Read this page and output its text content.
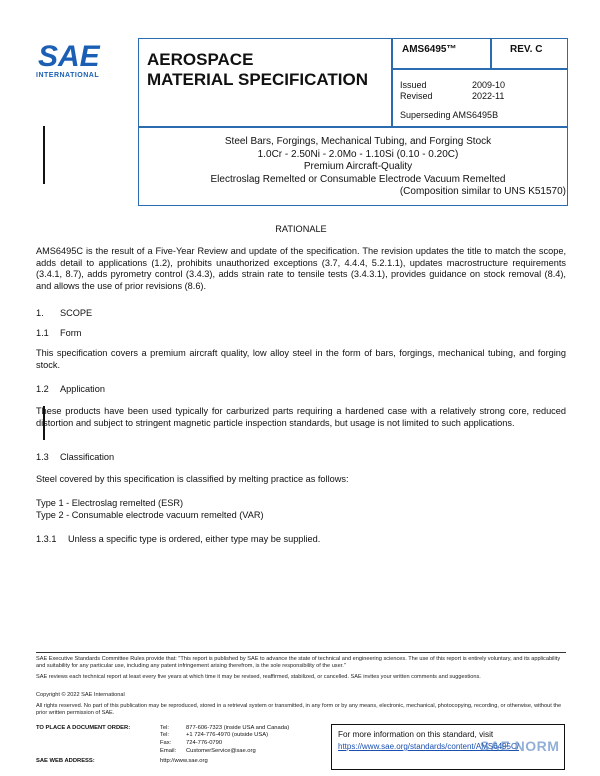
SAE
INTERNATIONAL
AEROSPACE
MATERIAL SPECIFICATION
AMS6495™	REV. C
Issued	2009-10
Revised	2022-11
Superseding AMS6495B
Steel Bars, Forgings, Mechanical Tubing, and Forging Stock
1.0Cr - 2.50Ni - 2.0Mo - 1.10Si (0.10 - 0.20C)
Premium Aircraft-Quality
Electroslag Remelted or Consumable Electrode Vacuum Remelted
(Composition similar to UNS K51570)
RATIONALE
AMS6495C is the result of a Five-Year Review and update of the specification. The revision updates the title to match the scope, adds detail to applications (1.2), prohibits unauthorized exceptions (3.7, 4.4.4, 5.2.1.1), updates macrostructure requirements (3.4.1, 8.7), adds pyrometry control (3.4.3), adds strain rate to tensile tests (3.4.3.1), provides guidance on stock removal (8.4), and allows the use of prior revisions (8.6).
1. SCOPE
1.1 Form
This specification covers a premium aircraft quality, low alloy steel in the form of bars, forgings, mechanical tubing, and forging stock.
1.2 Application
These products have been used typically for carburized parts requiring a hardened case with a relatively strong core, reduced distortion and subject to stringent magnetic particle inspection standards, but usage is not limited to such applications.
1.3 Classification
Steel covered by this specification is classified by melting practice as follows:
Type 1 - Electroslag remelted (ESR)
Type 2 - Consumable electrode vacuum remelted (VAR)
1.3.1 Unless a specific type is ordered, either type may be supplied.
SAE Executive Standards Committee Rules provide that: "This report is published by SAE to advance the state of technical and engineering sciences. The use of this report is entirely voluntary, and its applicability and suitability for any particular use, including any patent infringement arising therefrom, is the sole responsibility of the user."
SAE reviews each technical report at least every five years at which time it may be revised, reaffirmed, stabilized, or cancelled. SAE invites your written comments and suggestions.
Copyright © 2022 SAE International
All rights reserved. No part of this publication may be reproduced, stored in a retrieval system or transmitted, in any form or by any means, electronic, mechanical, photocopying, recording, or otherwise, without the prior written permission of SAE.
TO PLACE A DOCUMENT ORDER:	Tel:	877-606-7323 (inside USA and Canada)
Tel:	+1 724-776-4970 (outside USA)
Fax:	724-776-0790
Email: CustomerService@sae.org
SAE WEB ADDRESS:	http://www.sae.org
For more information on this standard, visit
https://www.sae.org/standards/content/AMS6495C/
SAE NORM
